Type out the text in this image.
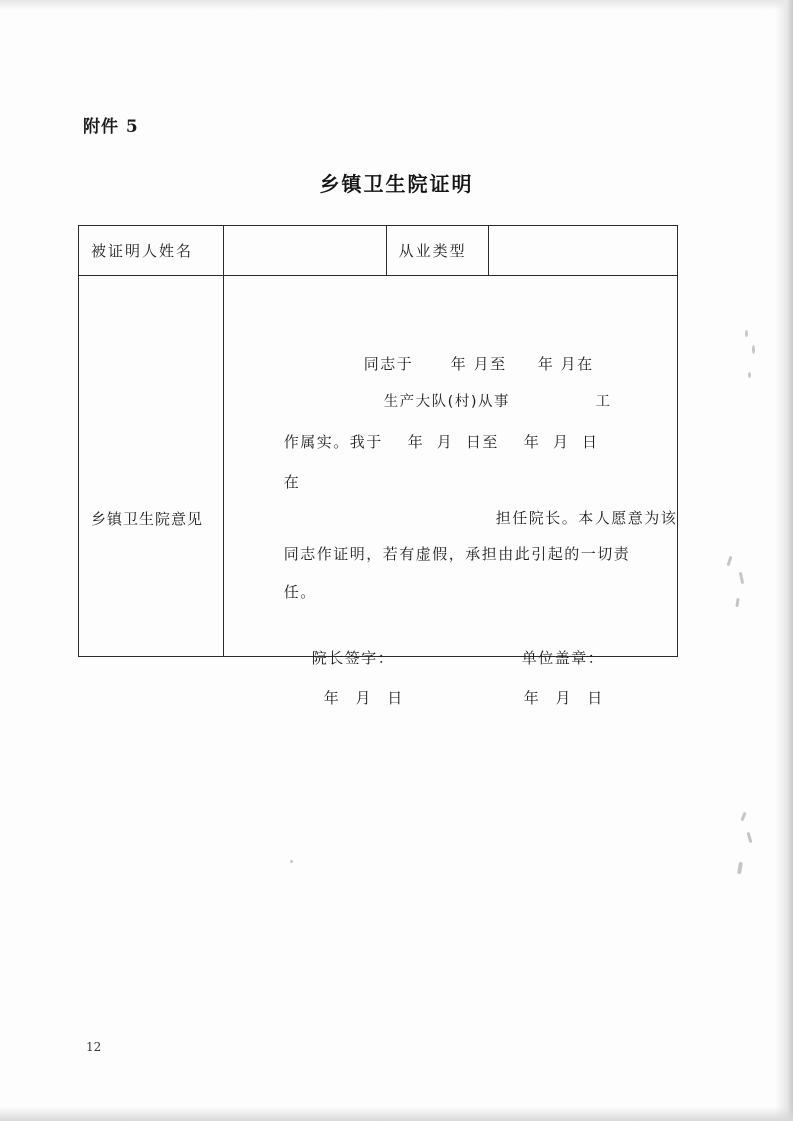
附件 5
乡镇卫生院证明
被证明人姓名		从业类型	

乡镇卫生院意见

同志于      年 月至     年 月在
生产大队(村)从事              工
作属实。我于    年  月  日至    年  月  日
在
担任院长。本人愿意为该
同志作证明，若有虚假，承担由此引起的一切责
任。
院长签字：	单位盖章：
年 月 日	年 月 日
12
